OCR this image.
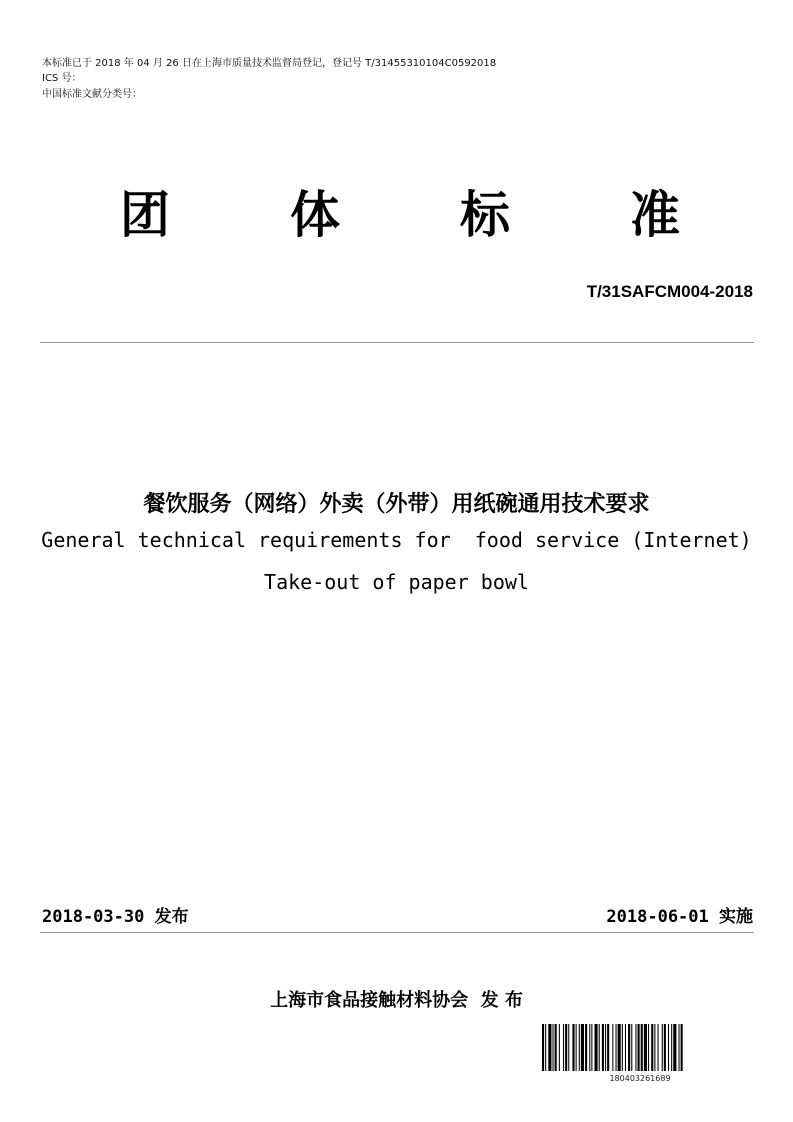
本标准已于 2018 年 04 月 26 日在上海市质量技术监督局登记，登记号 T/31455310104C0592018
ICS 号：
中国标准文献分类号：
团 体 标 准
T/31SAFCM004-2018
餐饮服务（网络）外卖（外带）用纸碗通用技术要求
General technical requirements for  food service (Internet)
Take-out of paper bowl
2018-03-30 发布	2018-06-01 实施
上海市食品接触材料协会  发 布
180403261689
